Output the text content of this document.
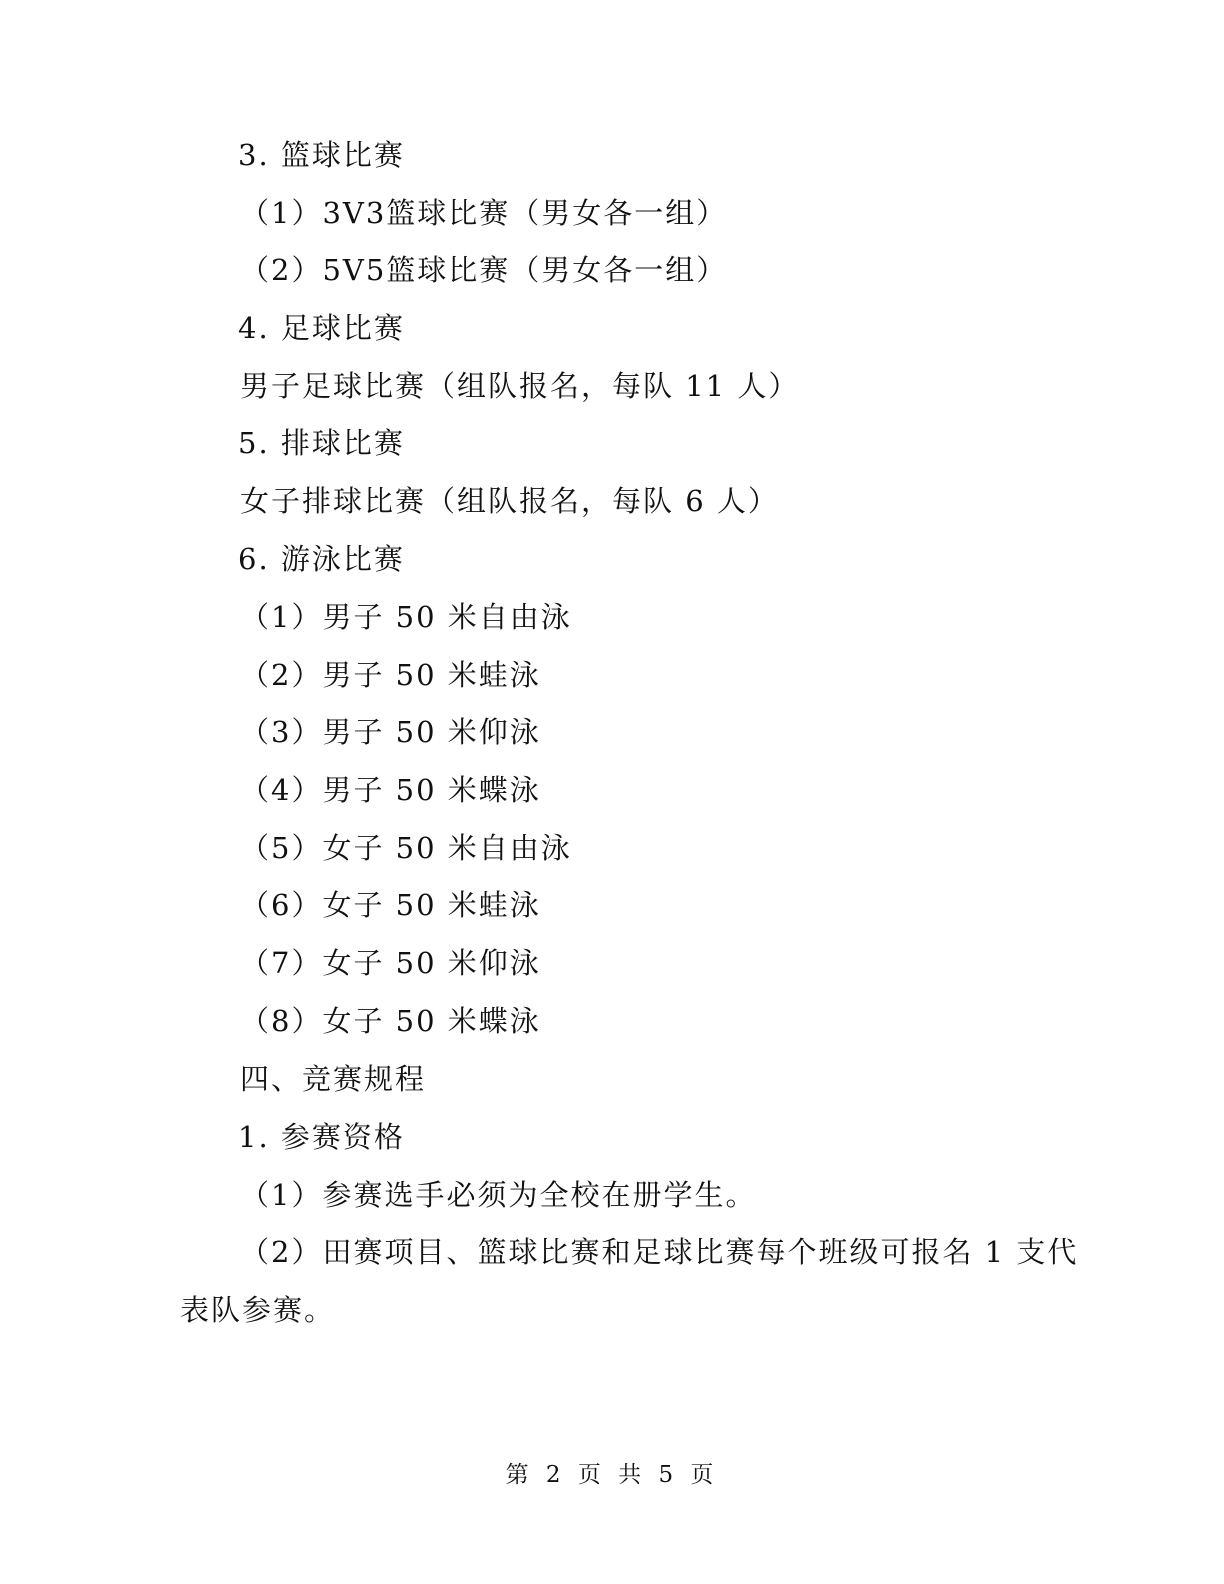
3. 篮球比赛
（1）3V3篮球比赛（男女各一组）
（2）5V5篮球比赛（男女各一组）
4. 足球比赛
男子足球比赛（组队报名，每队 11 人）
5. 排球比赛
女子排球比赛（组队报名，每队 6 人）
6. 游泳比赛
（1）男子 50 米自由泳
（2）男子 50 米蛙泳
（3）男子 50 米仰泳
（4）男子 50 米蝶泳
（5）女子 50 米自由泳
（6）女子 50 米蛙泳
（7）女子 50 米仰泳
（8）女子 50 米蝶泳
四、竞赛规程
1. 参赛资格
（1）参赛选手必须为全校在册学生。
（2）田赛项目、篮球比赛和足球比赛每个班级可报名 1 支代
表队参赛。
第 2 页 共 5 页
